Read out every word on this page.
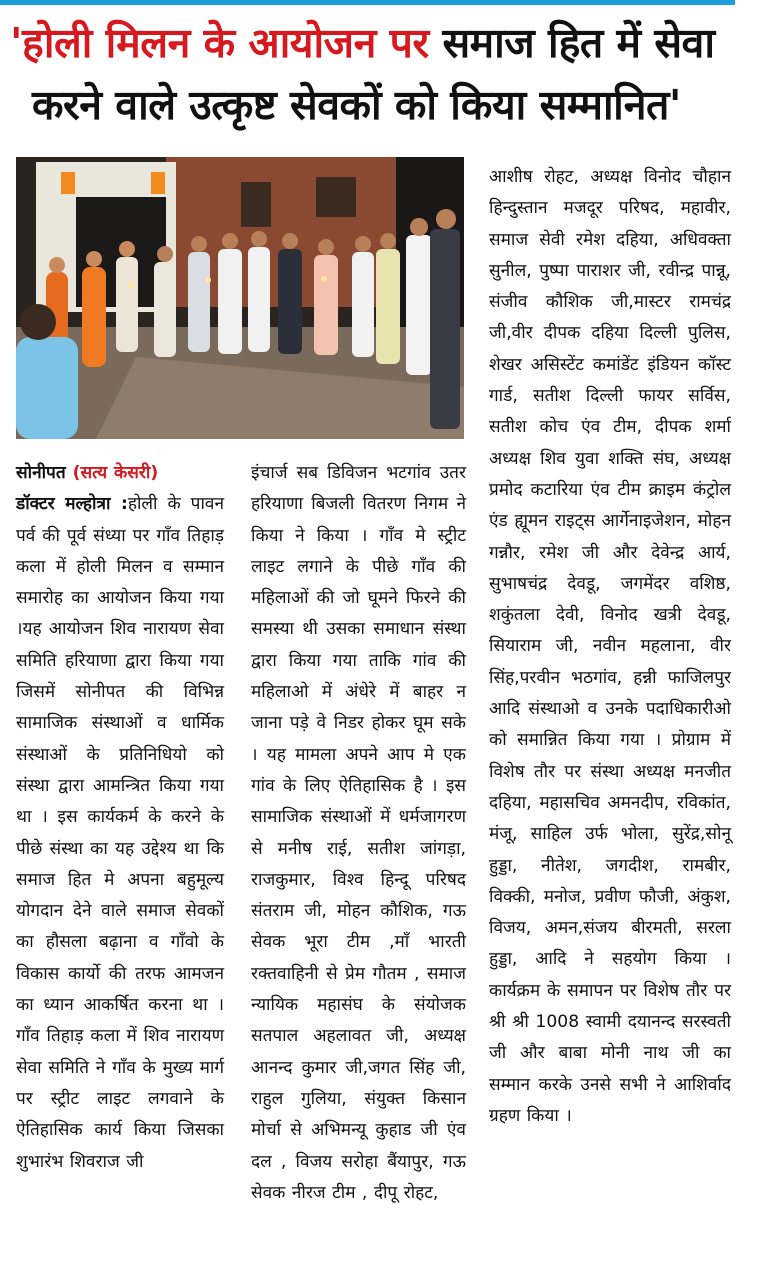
'होली मिलन के आयोजन पर समाज हित में सेवा
करने वाले उत्कृष्ट सेवकों को किया सम्मानित'

सोनीपत (सत्य केसरी)
डॉक्टर मल्होत्रा :होली के पावन पर्व की पूर्व संध्या पर गाँव तिहाड़ कला में होली मिलन व सम्मान समारोह का आयोजन किया गया ।यह आयोजन शिव नारायण सेवा समिति हरियाणा द्वारा किया गया जिसमें सोनीपत की विभिन्न सामाजिक संस्थाओं व धार्मिक संस्थाओं के प्रतिनिधियो को संस्था द्वारा आमन्त्रित किया गया था । इस कार्यकर्म के करने के पीछे संस्था का यह उद्देश्य था कि समाज हित मे अपना बहुमूल्य योगदान देने वाले समाज सेवकों का हौसला बढ़ाना व गाँवो के विकास कार्यो की तरफ आमजन का ध्यान आकर्षित करना था । गाँव तिहाड़ कला में शिव नारायण सेवा समिति ने गाँव के मुख्य मार्ग पर स्ट्रीट लाइट लगवाने के ऐतिहासिक कार्य किया जिसका शुभारंभ शिवराज जी

इंचार्ज सब डिविजन भटगांव उतर हरियाणा बिजली वितरण निगम ने किया ने किया । गाँव मे स्ट्रीट लाइट लगाने के पीछे गाँव की महिलाओं की जो घूमने फिरने की समस्या थी उसका समाधान संस्था द्वारा किया गया ताकि गांव की महिलाओ में अंधेरे में बाहर न जाना पड़े वे निडर होकर घूम सके । यह मामला अपने आप मे एक गांव के लिए ऐतिहासिक है । इस सामाजिक संस्थाओं में धर्मजागरण से मनीष राई, सतीश जांगड़ा, राजकुमार, विश्व हिन्दू परिषद संतराम जी, मोहन कौशिक, गऊ सेवक भूरा टीम ,माँ भारती रक्तवाहिनी से प्रेम गौतम , समाज न्यायिक महासंघ के संयोजक सतपाल अहलावत जी, अध्यक्ष आनन्द कुमार जी,जगत सिंह जी, राहुल गुलिया, संयुक्त किसान मोर्चा से अभिमन्यू कुहाड जी एंव दल , विजय सरोहा बैंयापुर, गऊ सेवक नीरज टीम , दीपू रोहट,

आशीष रोहट, अध्यक्ष विनोद चौहान हिन्दुस्तान मजदूर परिषद, महावीर, समाज सेवी रमेश दहिया, अधिवक्ता सुनील, पुष्पा पाराशर जी, रवीन्द्र पान्नू, संजीव कौशिक जी,मास्टर रामचंद्र जी,वीर दीपक दहिया दिल्ली पुलिस, शेखर असिस्टेंट कमांडेंट इंडियन कॉस्ट गार्ड, सतीश दिल्ली फायर सर्विस, सतीश कोच एंव टीम, दीपक शर्मा अध्यक्ष शिव युवा शक्ति संघ, अध्यक्ष प्रमोद कटारिया एंव टीम क्राइम कंट्रोल एंड ह्यूमन राइट्स आर्गेनाइजेशन, मोहन गन्नौर, रमेश जी और देवेन्द्र आर्य, सुभाषचंद्र देवडू, जगमेंदर वशिष्ठ, शकुंतला देवी, विनोद खत्री देवडू, सियाराम जी, नवीन महलाना, वीर सिंह,परवीन भठगांव, हन्नी फाजिलपुर आदि संस्थाओ व उनके पदाधिकारीओ को समान्नित किया गया । प्रोग्राम में विशेष तौर पर संस्था अध्यक्ष मनजीत दहिया, महासचिव अमनदीप, रविकांत, मंजू, साहिल उर्फ भोला, सुरेंद्र,सोनू हुड्डा, नीतेश, जगदीश, रामबीर, विक्की, मनोज, प्रवीण फौजी, अंकुश, विजय, अमन,संजय बीरमती, सरला हुड्डा, आदि ने सहयोग किया । कार्यक्रम के समापन पर विशेष तौर पर श्री श्री 1008 स्वामी दयानन्द सरस्वती जी और बाबा मोनी नाथ जी का सम्मान करके उनसे सभी ने आशिर्वाद ग्रहण किया ।
